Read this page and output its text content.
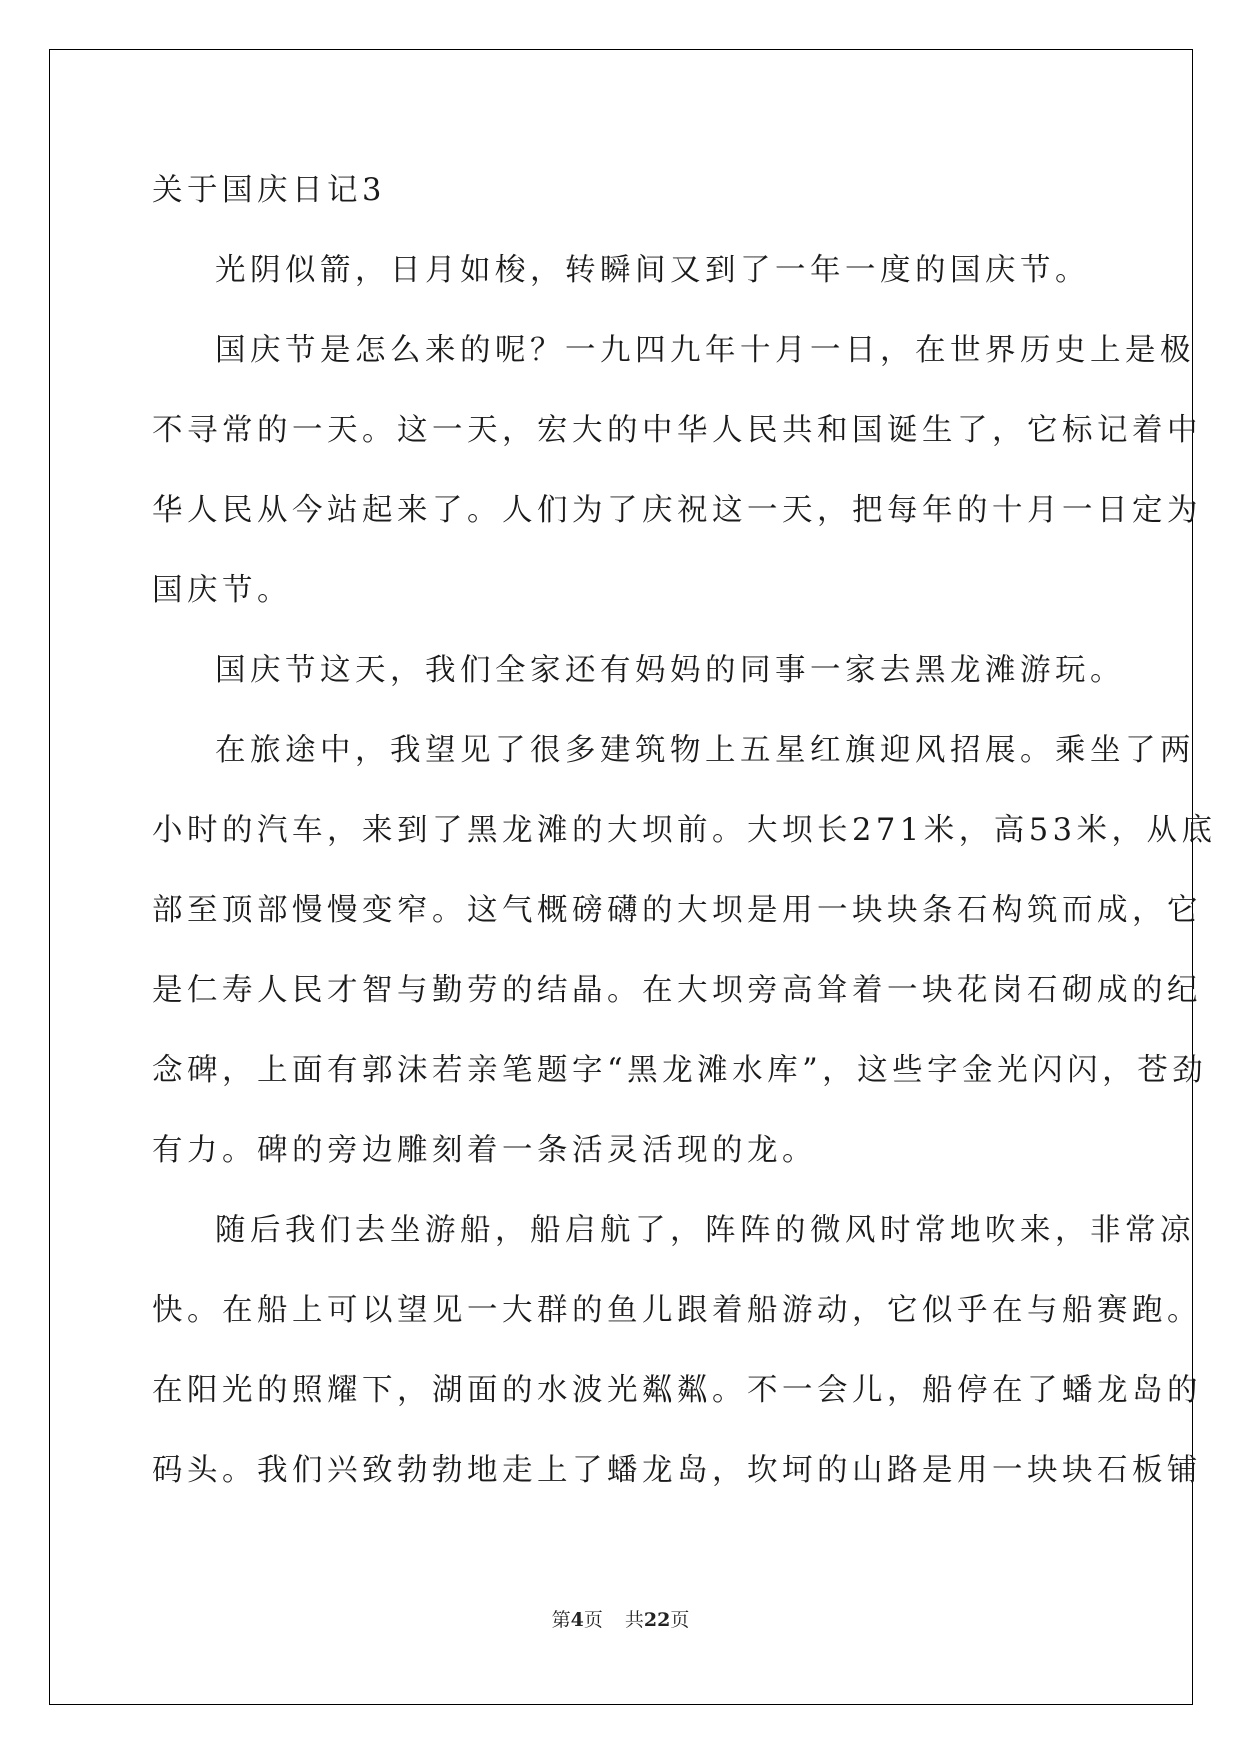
关于国庆日记3
光阴似箭，日月如梭，转瞬间又到了一年一度的国庆节。
国庆节是怎么来的呢？一九四九年十月一日，在世界历史上是极
不寻常的一天。这一天，宏大的中华人民共和国诞生了，它标记着中
华人民从今站起来了。人们为了庆祝这一天，把每年的十月一日定为
国庆节。
国庆节这天，我们全家还有妈妈的同事一家去黑龙滩游玩。
在旅途中，我望见了很多建筑物上五星红旗迎风招展。乘坐了两
小时的汽车，来到了黑龙滩的大坝前。大坝长271米，高53米，从底
部至顶部慢慢变窄。这气概磅礴的大坝是用一块块条石构筑而成，它
是仁寿人民才智与勤劳的结晶。在大坝旁高耸着一块花岗石砌成的纪
念碑，上面有郭沫若亲笔题字“黑龙滩水库”，这些字金光闪闪，苍劲
有力。碑的旁边雕刻着一条活灵活现的龙。
随后我们去坐游船，船启航了，阵阵的微风时常地吹来，非常凉
快。在船上可以望见一大群的鱼儿跟着船游动，它似乎在与船赛跑。
在阳光的照耀下，湖面的水波光粼粼。不一会儿，船停在了蟠龙岛的
码头。我们兴致勃勃地走上了蟠龙岛，坎坷的山路是用一块块石板铺
第4页 共22页
